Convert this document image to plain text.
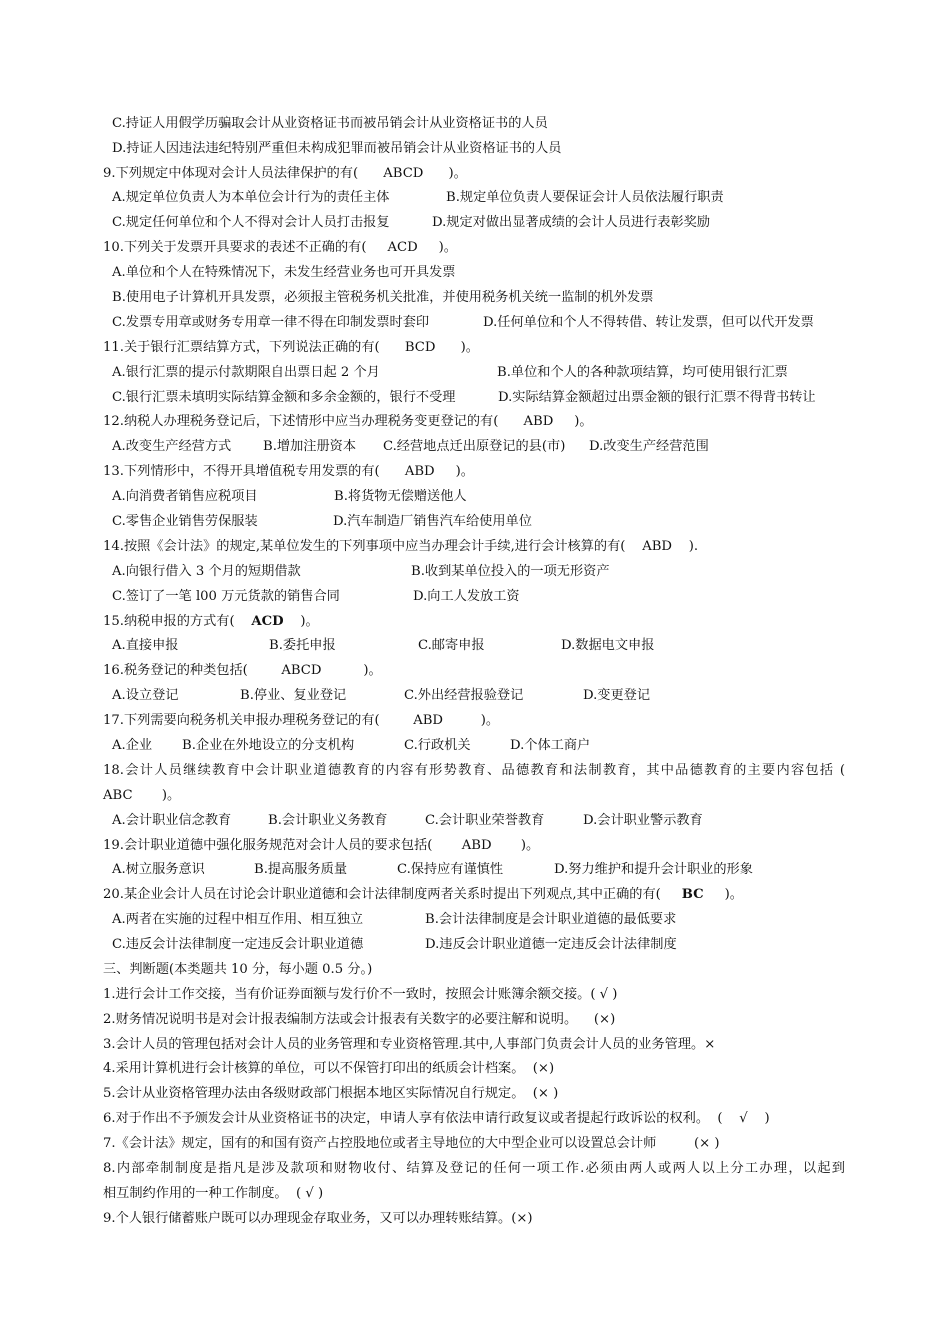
C.持证人用假学历骗取会计从业资格证书而被吊销会计从业资格证书的人员
D.持证人因违法违纪特别严重但未构成犯罪而被吊销会计从业资格证书的人员
9.下列规定中体现对会计人员法律保护的有(      ABCD      )。
A.规定单位负责人为本单位会计行为的责任主体	B.规定单位负责人要保证会计人员依法履行职责
C.规定任何单位和个人不得对会计人员打击报复	D.规定对做出显著成绩的会计人员进行表彰奖励
10.下列关于发票开具要求的表述不正确的有(     ACD     )。
A.单位和个人在特殊情况下，未发生经营业务也可开具发票
B.使用电子计算机开具发票，必须报主管税务机关批准，并使用税务机关统一监制的机外发票
C.发票专用章或财务专用章一律不得在印制发票时套印	D.任何单位和个人不得转借、转让发票，但可以代开发票
11.关于银行汇票结算方式，下列说法正确的有(      BCD      )。
A.银行汇票的提示付款期限自出票日起 2 个月	B.单位和个人的各种款项结算，均可使用银行汇票
C.银行汇票未填明实际结算金额和多余金额的，银行不受理	D.实际结算金额超过出票金额的银行汇票不得背书转让
12.纳税人办理税务登记后，下述情形中应当办理税务变更登记的有(      ABD     )。
A.改变生产经营方式 B.增加注册资本 C.经营地点迁出原登记的县(市) D.改变生产经营范围
13.下列情形中，不得开具增值税专用发票的有(      ABD     )。
A.向消费者销售应税项目	B.将货物无偿赠送他人
C.零售企业销售劳保服装	D.汽车制造厂销售汽车给使用单位
14.按照《会计法》的规定,某单位发生的下列事项中应当办理会计手续,进行会计核算的有(    ABD    ).
A.向银行借入 3 个月的短期借款	B.收到某单位投入的一项无形资产
C.签订了一笔 l00 万元货款的销售合同	D.向工人发放工资
15.纳税申报的方式有(    ACD    )。
A.直接申报	B.委托申报	C.邮寄申报	D.数据电文申报
16.税务登记的种类包括(        ABCD          )。
A.设立登记	B.停业、复业登记	C.外出经营报验登记	D.变更登记
17.下列需要向税务机关申报办理税务登记的有(        ABD         )。
A.企业 B.企业在外地设立的分支机构	C.行政机关	D.个体工商户
18.会计人员继续教育中会计职业道德教育的内容有形势教育、品德教育和法制教育，其中品德教育的主要内容包括 (
ABC       )。
A.会计职业信念教育	B.会计职业义务教育	C.会计职业荣誉教育	D.会计职业警示教育
19.会计职业道德中强化服务规范对会计人员的要求包括(       ABD       )。
A.树立服务意识	B.提高服务质量	C.保持应有谨慎性	D.努力维护和提升会计职业的形象
20.某企业会计人员在讨论会计职业道德和会计法律制度两者关系时提出下列观点,其中正确的有(     BC     )。
A.两者在实施的过程中相互作用、相互独立	B.会计法律制度是会计职业道德的最低要求
C.违反会计法律制度一定违反会计职业道德	D.违反会计职业道德一定违反会计法律制度
三、判断题(本类题共 10 分，每小题 0.5 分。)
1.进行会计工作交接，当有价证券面额与发行价不一致时，按照会计账簿余额交接。( √ )
2.财务情况说明书是对会计报表编制方法或会计报表有关数字的必要注解和说明。    (×)
3.会计人员的管理包括对会计人员的业务管理和专业资格管理.其中,人事部门负责会计人员的业务管理。×
4.采用计算机进行会计核算的单位，可以不保管打印出的纸质会计档案。  (×)
5.会计从业资格管理办法由各级财政部门根据本地区实际情况自行规定。  (× )
6.对于作出不予颁发会计从业资格证书的决定，申请人享有依法申请行政复议或者提起行政诉讼的权利。  (    √    )
7.《会计法》规定，国有的和国有资产占控股地位或者主导地位的大中型企业可以设置总会计师         (× )
8.内部牵制制度是指凡是涉及款项和财物收付、结算及登记的任何一项工作.必须由两人或两人以上分工办理，以起到
相互制约作用的一种工作制度。  ( √ )
9.个人银行储蓄账户既可以办理现金存取业务，又可以办理转账结算。(×)
